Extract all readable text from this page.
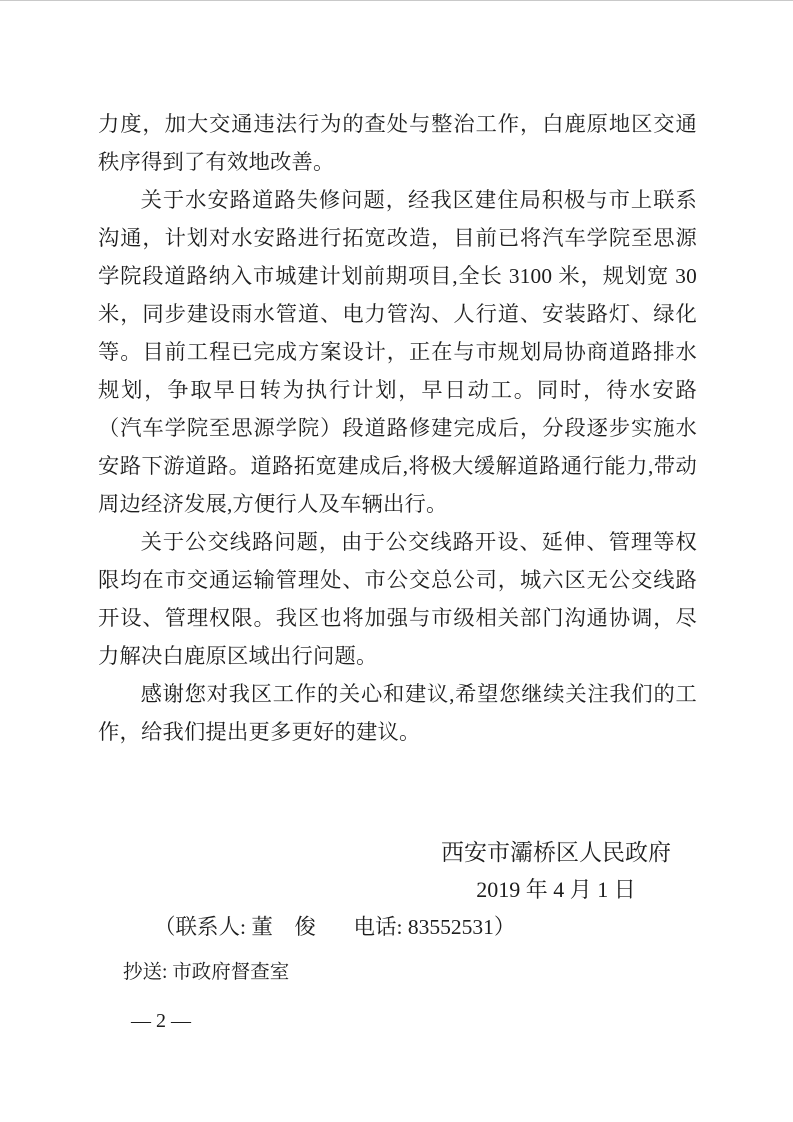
力度，加大交通违法行为的查处与整治工作，白鹿原地区交通秩序得到了有效地改善。

关于水安路道路失修问题，经我区建住局积极与市上联系沟通，计划对水安路进行拓宽改造，目前已将汽车学院至思源学院段道路纳入市城建计划前期项目,全长 3100 米，规划宽 30 米，同步建设雨水管道、电力管沟、人行道、安装路灯、绿化等。目前工程已完成方案设计，正在与市规划局协商道路排水规划，争取早日转为执行计划，早日动工。同时，待水安路（汽车学院至思源学院）段道路修建完成后，分段逐步实施水安路下游道路。道路拓宽建成后,将极大缓解道路通行能力,带动周边经济发展,方便行人及车辆出行。

关于公交线路问题，由于公交线路开设、延伸、管理等权限均在市交通运输管理处、市公交总公司，城六区无公交线路开设、管理权限。我区也将加强与市级相关部门沟通协调，尽力解决白鹿原区域出行问题。

感谢您对我区工作的关心和建议,希望您继续关注我们的工作，给我们提出更多更好的建议。

西安市灞桥区人民政府
2019 年 4 月 1 日
（联系人: 董    俊       电话: 83552531）
抄送: 市政府督查室
— 2 —
